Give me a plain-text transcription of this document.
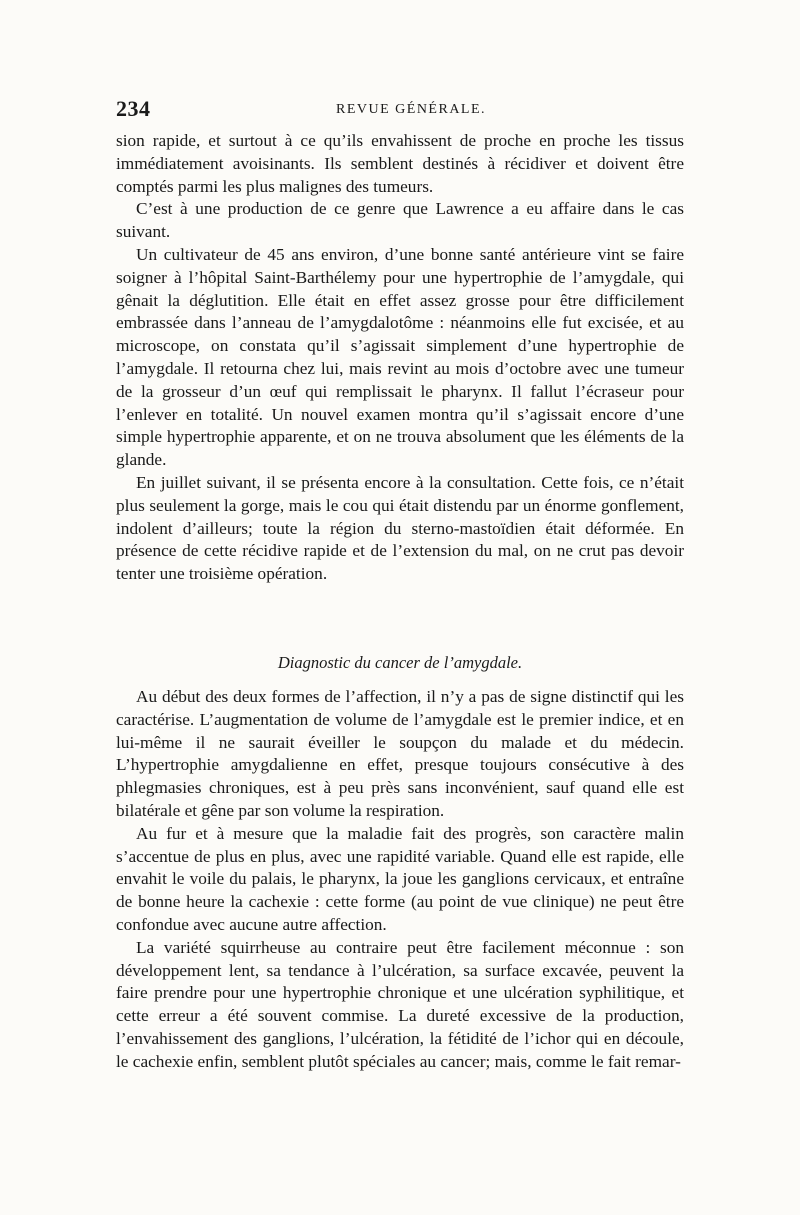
234	REVUE GÉNÉRALE.

sion rapide, et surtout à ce qu’ils envahissent de proche en proche les tissus immédiatement avoisinants. Ils semblent destinés à récidiver et doivent être comptés parmi les plus malignes des tumeurs.

C’est à une production de ce genre que Lawrence a eu affaire dans le cas suivant.

Un cultivateur de 45 ans environ, d’une bonne santé antérieure vint se faire soigner à l’hôpital Saint-Barthélemy pour une hypertrophie de l’amygdale, qui gênait la déglutition. Elle était en effet assez grosse pour être difficilement embrassée dans l’anneau de l’amygdalotôme : néanmoins elle fut excisée, et au microscope, on constata qu’il s’agissait simplement d’une hypertrophie de l’amygdale. Il retourna chez lui, mais revint au mois d’octobre avec une tumeur de la grosseur d’un œuf qui remplissait le pharynx. Il fallut l’écraseur pour l’enlever en totalité. Un nouvel examen montra qu’il s’agissait encore d’une simple hypertrophie apparente, et on ne trouva absolument que les éléments de la glande.

En juillet suivant, il se présenta encore à la consultation. Cette fois, ce n’était plus seulement la gorge, mais le cou qui était distendu par un énorme gonflement, indolent d’ailleurs; toute la région du sterno-mastoïdien était déformée. En présence de cette récidive rapide et de l’extension du mal, on ne crut pas devoir tenter une troisième opération.

Diagnostic du cancer de l’amygdale.

Au début des deux formes de l’affection, il n’y a pas de signe distinctif qui les caractérise. L’augmentation de volume de l’amygdale est le premier indice, et en lui-même il ne saurait éveiller le soupçon du malade et du médecin. L’hypertrophie amygdalienne en effet, presque toujours consécutive à des phlegmasies chroniques, est à peu près sans inconvénient, sauf quand elle est bilatérale et gêne par son volume la respiration.

Au fur et à mesure que la maladie fait des progrès, son caractère malin s’accentue de plus en plus, avec une rapidité variable. Quand elle est rapide, elle envahit le voile du palais, le pharynx, la joue les ganglions cervicaux, et entraîne de bonne heure la cachexie : cette forme (au point de vue clinique) ne peut être confondue avec aucune autre affection.

La variété squirrheuse au contraire peut être facilement méconnue : son développement lent, sa tendance à l’ulcération, sa surface excavée, peuvent la faire prendre pour une hypertrophie chronique et une ulcération syphilitique, et cette erreur a été souvent commise. La dureté excessive de la production, l’envahissement des ganglions, l’ulcération, la fétidité de l’ichor qui en découle, le cachexie enfin, semblent plutôt spéciales au cancer; mais, comme le fait remar-
